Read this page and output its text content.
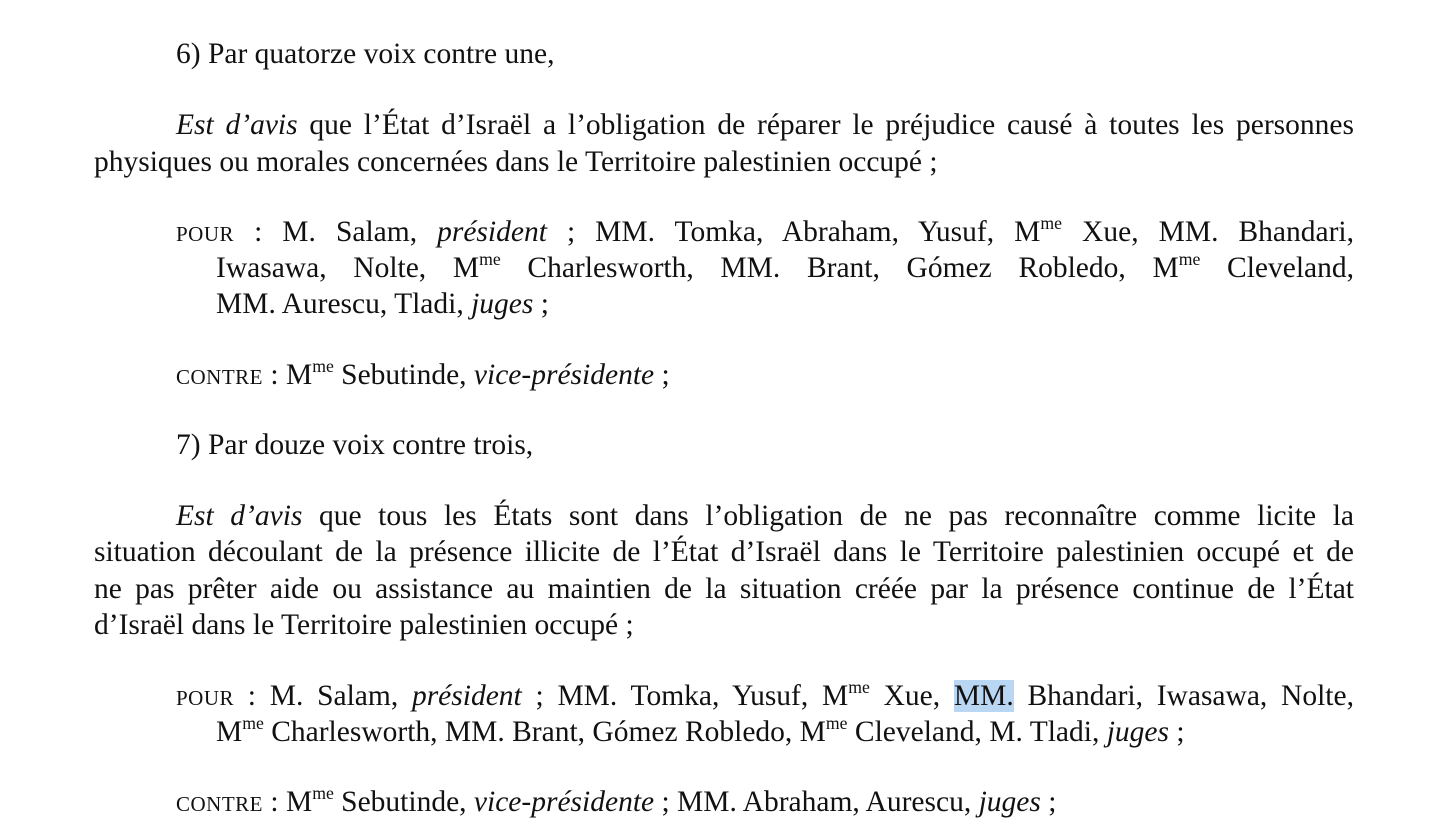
6) Par quatorze voix contre une,
Est d’avis que l’État d’Israël a l’obligation de réparer le préjudice causé à toutes les personnes
physiques ou morales concernées dans le Territoire palestinien occupé ;
pour : M. Salam, président ; MM. Tomka, Abraham, Yusuf, $M^{me}$ Xue, MM. Bhandari,
Iwasawa, Nolte, $M^{me}$ Charlesworth, MM. Brant, Gómez Robledo, $M^{me}$ Cleveland,
MM. Aurescu, Tladi, juges ;
contre : $M^{me}$ Sebutinde, vice-présidente ;
7) Par douze voix contre trois,
Est d’avis que tous les États sont dans l’obligation de ne pas reconnaître comme licite la
situation découlant de la présence illicite de l’État d’Israël dans le Territoire palestinien occupé et de
ne pas prêter aide ou assistance au maintien de la situation créée par la présence continue de l’État
d’Israël dans le Territoire palestinien occupé ;
pour : M. Salam, président ; MM. Tomka, Yusuf, $M^{me}$ Xue, MM. Bhandari, Iwasawa, Nolte,
$M^{me}$ Charlesworth, MM. Brant, Gómez Robledo, $M^{me}$ Cleveland, M. Tladi, juges ;
contre : $M^{me}$ Sebutinde, vice-présidente ; MM. Abraham, Aurescu, juges ;
